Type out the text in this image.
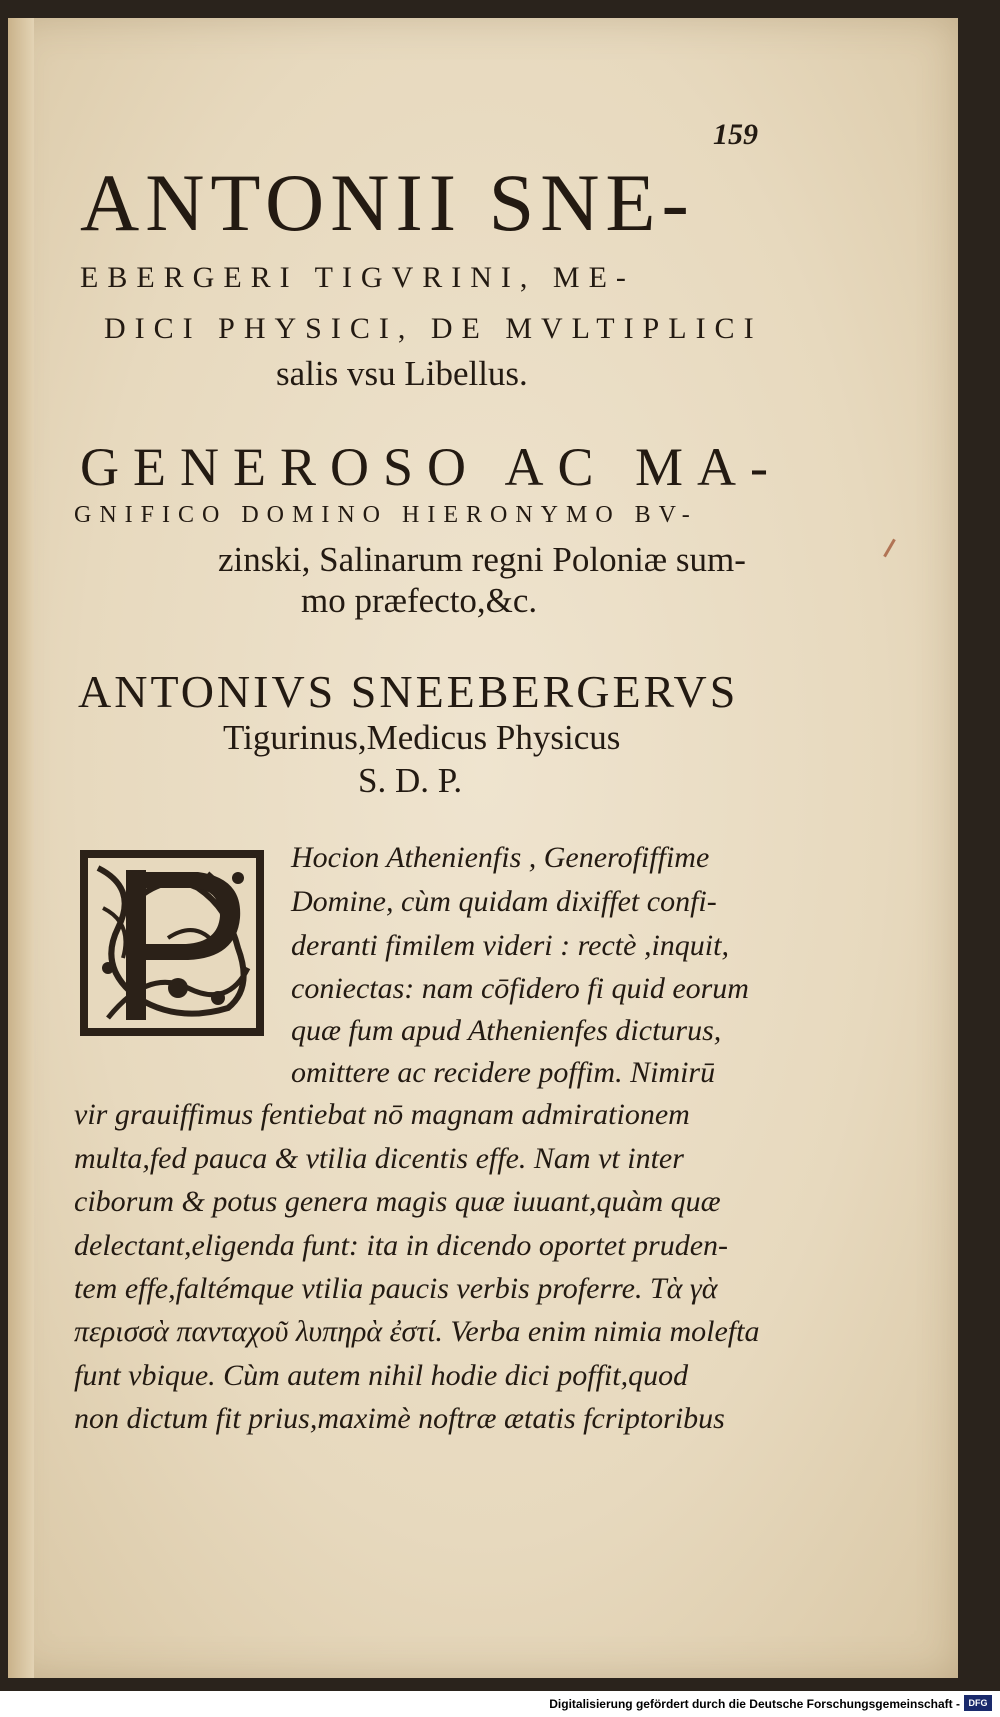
159
ANTONII SNE-
EBERGERI TIGVRINI, ME-
DICI PHYSICI, DE MVLTIPLICI
salis vsu Libellus.
GENEROSO AC MA-
GNIFICO DOMINO HIERONYMO BV-
zinski, Salinarum regni Poloniæ sum-
mo præfecto,&c.
ANTONIVS SNEEBERGERVS
Tigurinus,Medicus Physicus
S. D. P.
Hocion Athenienfis , Generofiffime
Domine, cùm quidam dixiffet confi-
deranti fimilem videri : rectè ,inquit,
coniectas: nam cōfidero fi quid eorum
quæ fum apud Athenienfes dicturus,
omittere ac recidere poffim. Nimirū
vir grauiffimus fentiebat nō magnam admirationem
multa,fed pauca & vtilia dicentis effe. Nam vt inter
ciborum & potus genera magis quæ iuuant,quàm quæ
delectant,eligenda funt: ita in dicendo oportet pruden-
tem effe,faltémque vtilia paucis verbis proferre. Tὰ γὰ
περισσὰ πανταχοῦ λυπηρὰ ἐστί. Verba enim nimia molefta
funt vbique. Cùm autem nihil hodie dici poffit,quod
non dictum fit prius,maximè noftræ ætatis fcriptoribus
Digitalisierung gefördert durch die Deutsche Forschungsgemeinschaft - DFG
